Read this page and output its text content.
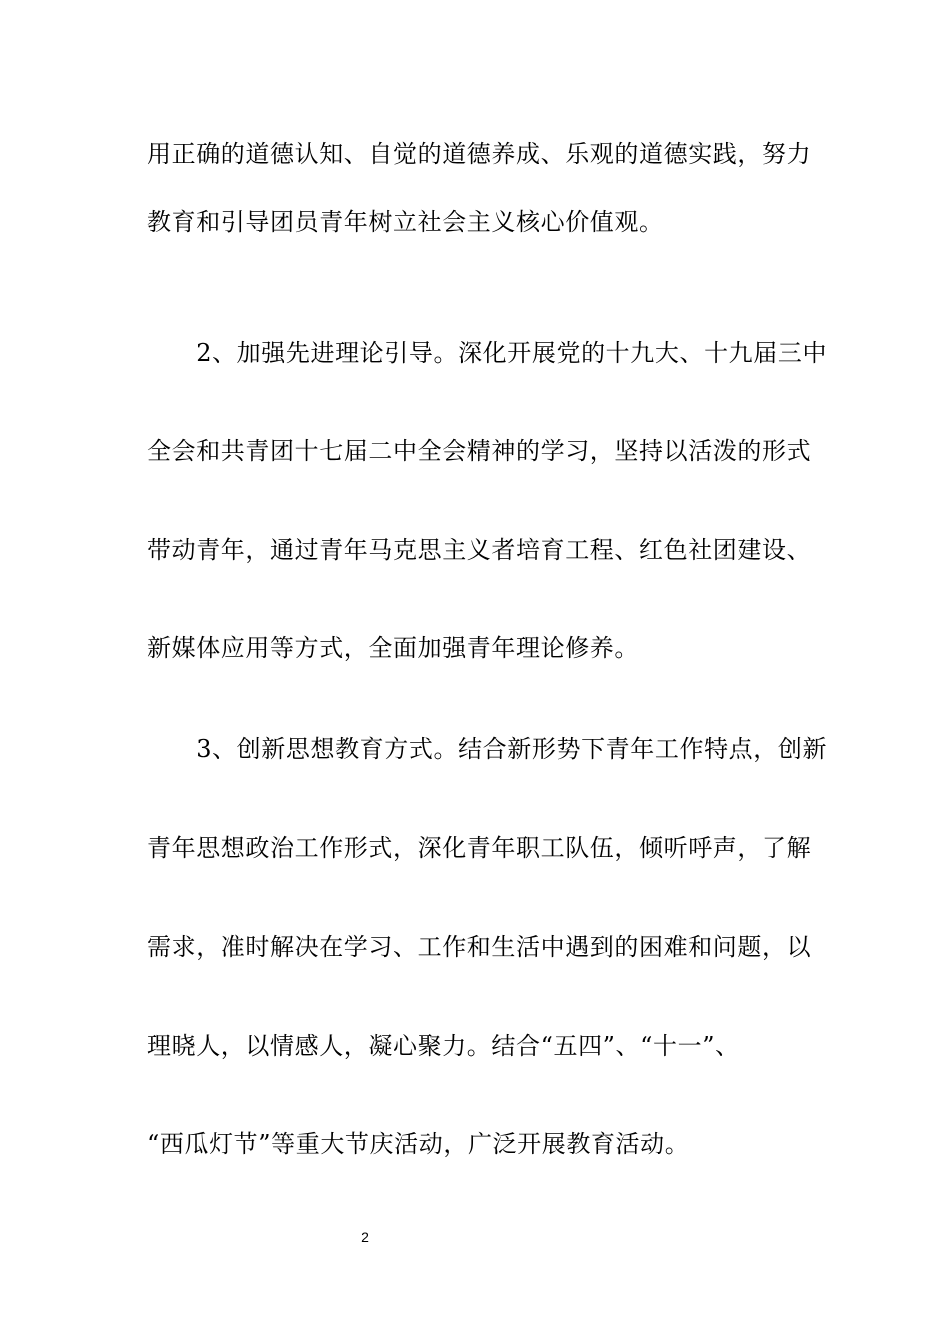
用正确的道德认知、自觉的道德养成、乐观的道德实践，努力
教育和引导团员青年树立社会主义核心价值观。
　　2、加强先进理论引导。深化开展党的十九大、十九届三中
全会和共青团十七届二中全会精神的学习，坚持以活泼的形式
带动青年，通过青年马克思主义者培育工程、红色社团建设、
新媒体应用等方式，全面加强青年理论修养。
　　3、创新思想教育方式。结合新形势下青年工作特点，创新
青年思想政治工作形式，深化青年职工队伍，倾听呼声，了解
需求，准时解决在学习、工作和生活中遇到的困难和问题，以
理晓人，以情感人，凝心聚力。结合“五四”、“十一”、
“西瓜灯节”等重大节庆活动，广泛开展教育活动。
2
